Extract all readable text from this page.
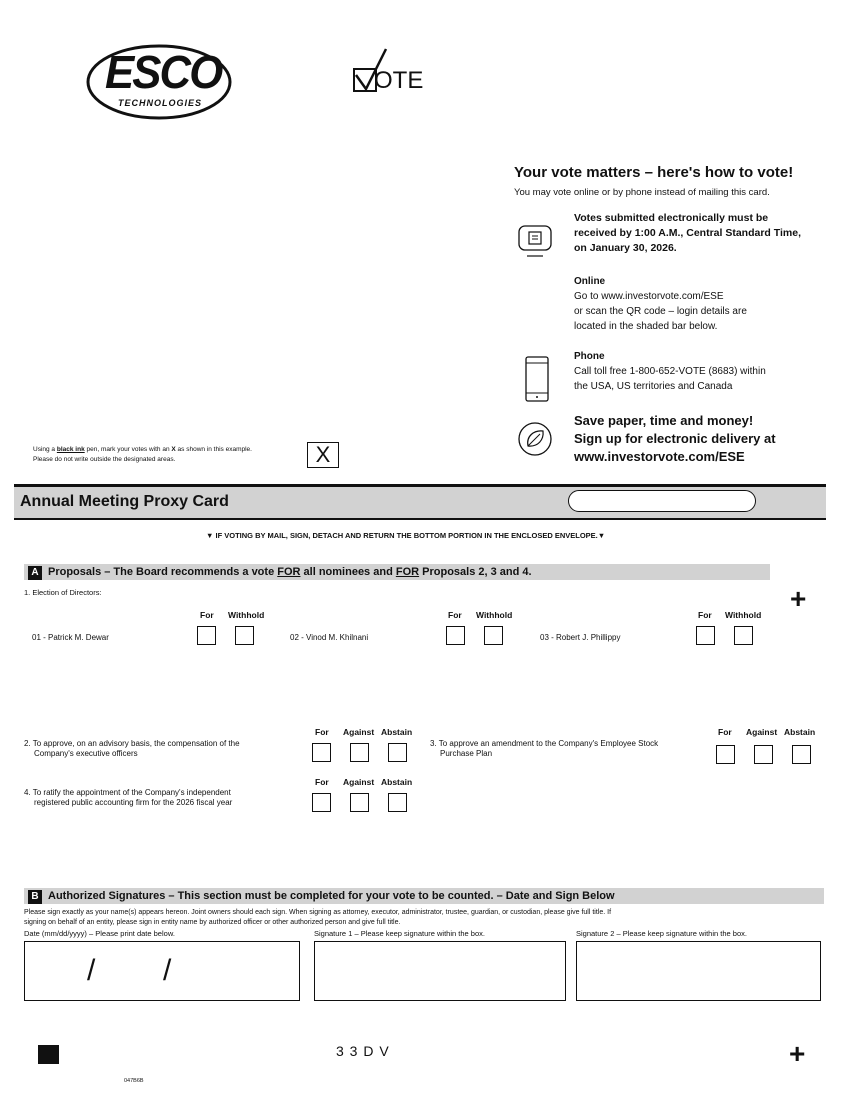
ESCO
TECHNOLOGIES
OTE
Your vote matters – here's how to vote!
You may vote online or by phone instead of mailing this card.
Votes submitted electronically must be received by 1:00 A.M., Central Standard Time, on January 30, 2026.
Online
Go to www.investorvote.com/ESE
or scan the QR code – login details are
located in the shaded bar below.
Phone
Call toll free 1-800-652-VOTE (8683) within
the USA, US territories and Canada
Save paper, time and money!
Sign up for electronic delivery at
www.investorvote.com/ESE
Using a black ink pen, mark your votes with an X as shown in this example.
Please do not write outside the designated areas.	X
Annual Meeting Proxy Card
▼ IF VOTING BY MAIL, SIGN, DETACH AND RETURN THE BOTTOM PORTION IN THE ENCLOSED ENVELOPE.▼
A Proposals – The Board recommends a vote FOR all nominees and FOR Proposals 2, 3 and 4.
+
1. Election of Directors:
For Withhold	For Withhold	For Withhold
01 - Patrick M. Dewar	02 - Vinod M. Khilnani	03 - Robert J. Phillippy
For Against Abstain
2. To approve, on an advisory basis, the compensation of the
Company's executive officers
For Against Abstain
3. To approve an amendment to the Company's Employee Stock
Purchase Plan
For Against Abstain
4. To ratify the appointment of the Company's independent
registered public accounting firm for the 2026 fiscal year
B Authorized Signatures – This section must be completed for your vote to be counted. – Date and Sign Below
Please sign exactly as your name(s) appears hereon. Joint owners should each sign. When signing as attorney, executor, administrator, trustee, guardian, or custodian, please give full title. If
signing on behalf of an entity, please sign in entity name by authorized officer or other authorized person and give full title.
Date (mm/dd/yyyy) – Please print date below.	Signature 1 – Please keep signature within the box.	Signature 2 – Please keep signature within the box.
/ /
3 3 D V	+
047B6B
